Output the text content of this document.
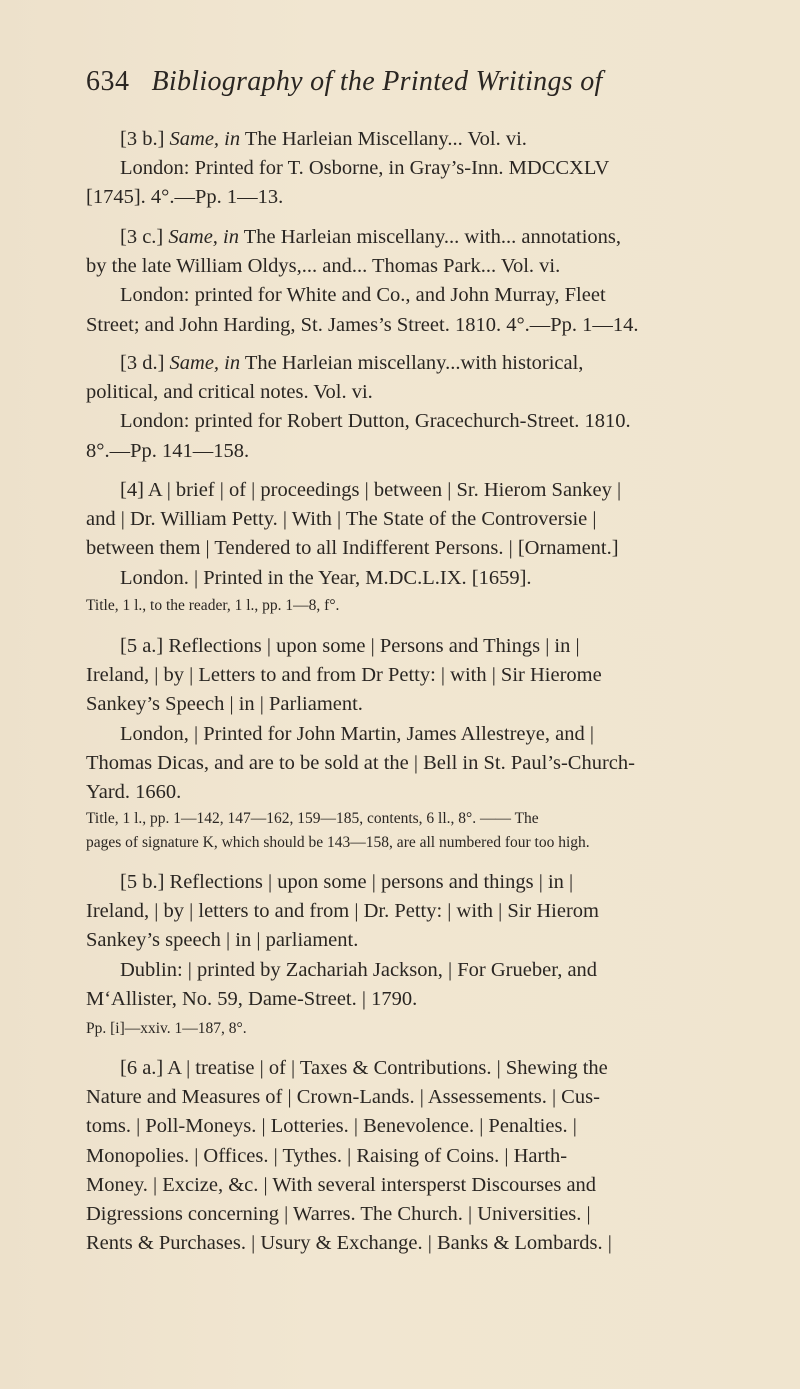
634 Bibliography of the Printed Writings of

[3 b.] Same, in The Harleian Miscellany... Vol. vi.

London: Printed for T. Osborne, in Gray’s-Inn. MDCCXLV

[1745]. 4°.—Pp. 1—13.

[3 c.] Same, in The Harleian miscellany... with... annotations,

by the late William Oldys,... and... Thomas Park... Vol. vi.

London: printed for White and Co., and John Murray, Fleet

Street; and John Harding, St. James’s Street. 1810. 4°.—Pp. 1—14.

[3 d.] Same, in The Harleian miscellany...with historical,

political, and critical notes. Vol. vi.

London: printed for Robert Dutton, Gracechurch-Street. 1810.

8°.—Pp. 141—158.

[4] A | brief | of | proceedings | between | Sr. Hierom Sankey |

and | Dr. William Petty. | With | The State of the Controversie |

between them | Tendered to all Indifferent Persons. | [Ornament.]

London. | Printed in the Year, M.DC.L.IX. [1659].

Title, 1 l., to the reader, 1 l., pp. 1—8, f°.

[5 a.] Reflections | upon some | Persons and Things | in |

Ireland, | by | Letters to and from Dr Petty: | with | Sir Hierome

Sankey’s Speech | in | Parliament.

London, | Printed for John Martin, James Allestreye, and |

Thomas Dicas, and are to be sold at the | Bell in St. Paul’s-Church-

Yard. 1660.

Title, 1 l., pp. 1—142, 147—162, 159—185, contents, 6 ll., 8°. —— The

pages of signature K, which should be 143—158, are all numbered four too high.

[5 b.] Reflections | upon some | persons and things | in |

Ireland, | by | letters to and from | Dr. Petty: | with | Sir Hierom

Sankey’s speech | in | parliament.

Dublin: | printed by Zachariah Jackson, | For Grueber, and

M‘Allister, No. 59, Dame-Street. | 1790.

Pp. [i]—xxiv. 1—187, 8°.

[6 a.] A | treatise | of | Taxes & Contributions. | Shewing the

Nature and Measures of | Crown-Lands. | Assessements. | Cus-

toms. | Poll-Moneys. | Lotteries. | Benevolence. | Penalties. |

Monopolies. | Offices. | Tythes. | Raising of Coins. | Harth-

Money. | Excize, &c. | With several intersperst Discourses and

Digressions concerning | Warres. The Church. | Universities. |

Rents & Purchases. | Usury & Exchange. | Banks & Lombards. |
